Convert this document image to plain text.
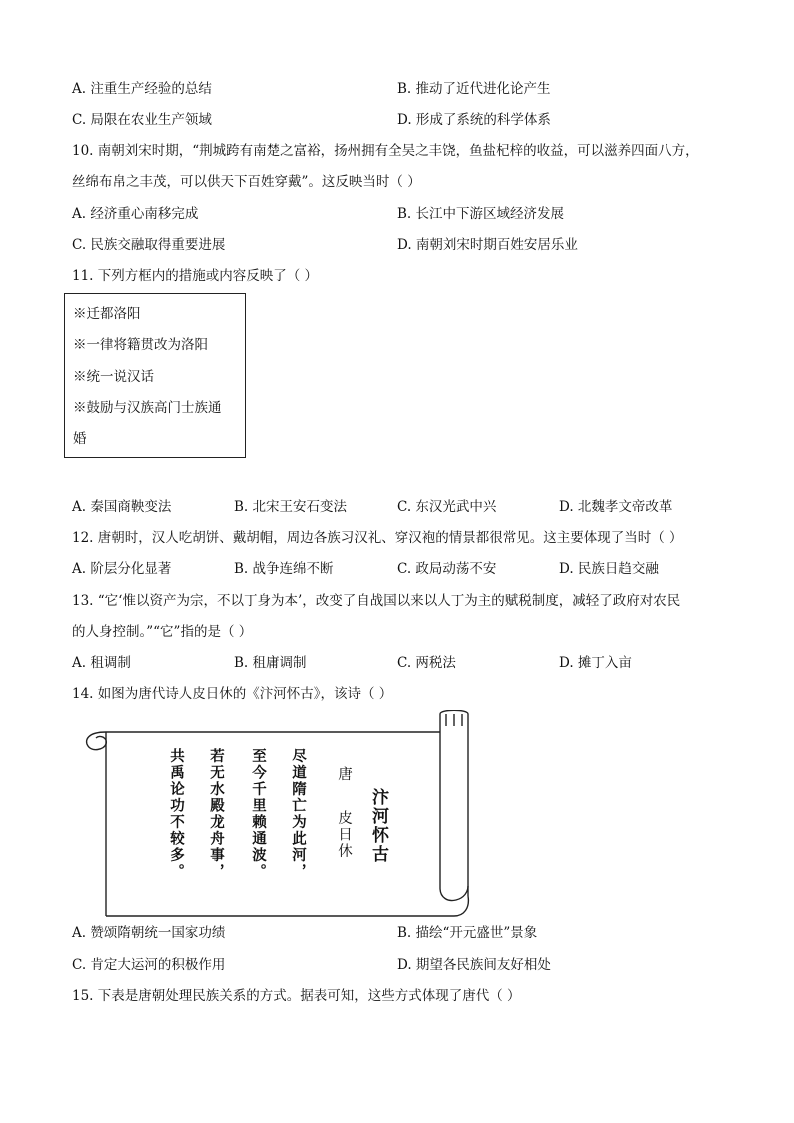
A. 注重生产经验的总结	B. 推动了近代进化论产生
C. 局限在农业生产领域	D. 形成了系统的科学体系
10. 南朝刘宋时期，“荆城跨有南楚之富裕，扬州拥有全吴之丰饶，鱼盐杞梓的收益，可以滋养四面八方，
丝绵布帛之丰茂，可以供天下百姓穿戴”。这反映当时（ ）
A. 经济重心南移完成	B. 长江中下游区域经济发展
C. 民族交融取得重要进展	D. 南朝刘宋时期百姓安居乐业
11. 下列方框内的措施或内容反映了（ ）
※迁都洛阳
※一律将籍贯改为洛阳
※统一说汉话
※鼓励与汉族高门士族通
婚
A. 秦国商鞅变法	B. 北宋王安石变法	C. 东汉光武中兴	D. 北魏孝文帝改革
12. 唐朝时，汉人吃胡饼、戴胡帽，周边各族习汉礼、穿汉袍的情景都很常见。这主要体现了当时（ ）
A. 阶层分化显著	B. 战争连绵不断	C. 政局动荡不安	D. 民族日趋交融
13. “它‘惟以资产为宗，不以丁身为本’，改变了自战国以来以人丁为主的赋税制度，减轻了政府对农民
的人身控制。”“它”指的是（ ）
A. 租调制	B. 租庸调制	C. 两税法	D. 摊丁入亩
14. 如图为唐代诗人皮日休的《汴河怀古》，该诗（ ）
汴河怀古
唐
皮日休
尽道隋亡为此河，
至今千里赖通波。
若无水殿龙舟事，
共禹论功不较多。
A. 赞颂隋朝统一国家功绩	B. 描绘“开元盛世”景象
C. 肯定大运河的积极作用	D. 期望各民族间友好相处
15. 下表是唐朝处理民族关系的方式。据表可知，这些方式体现了唐代（ ）
